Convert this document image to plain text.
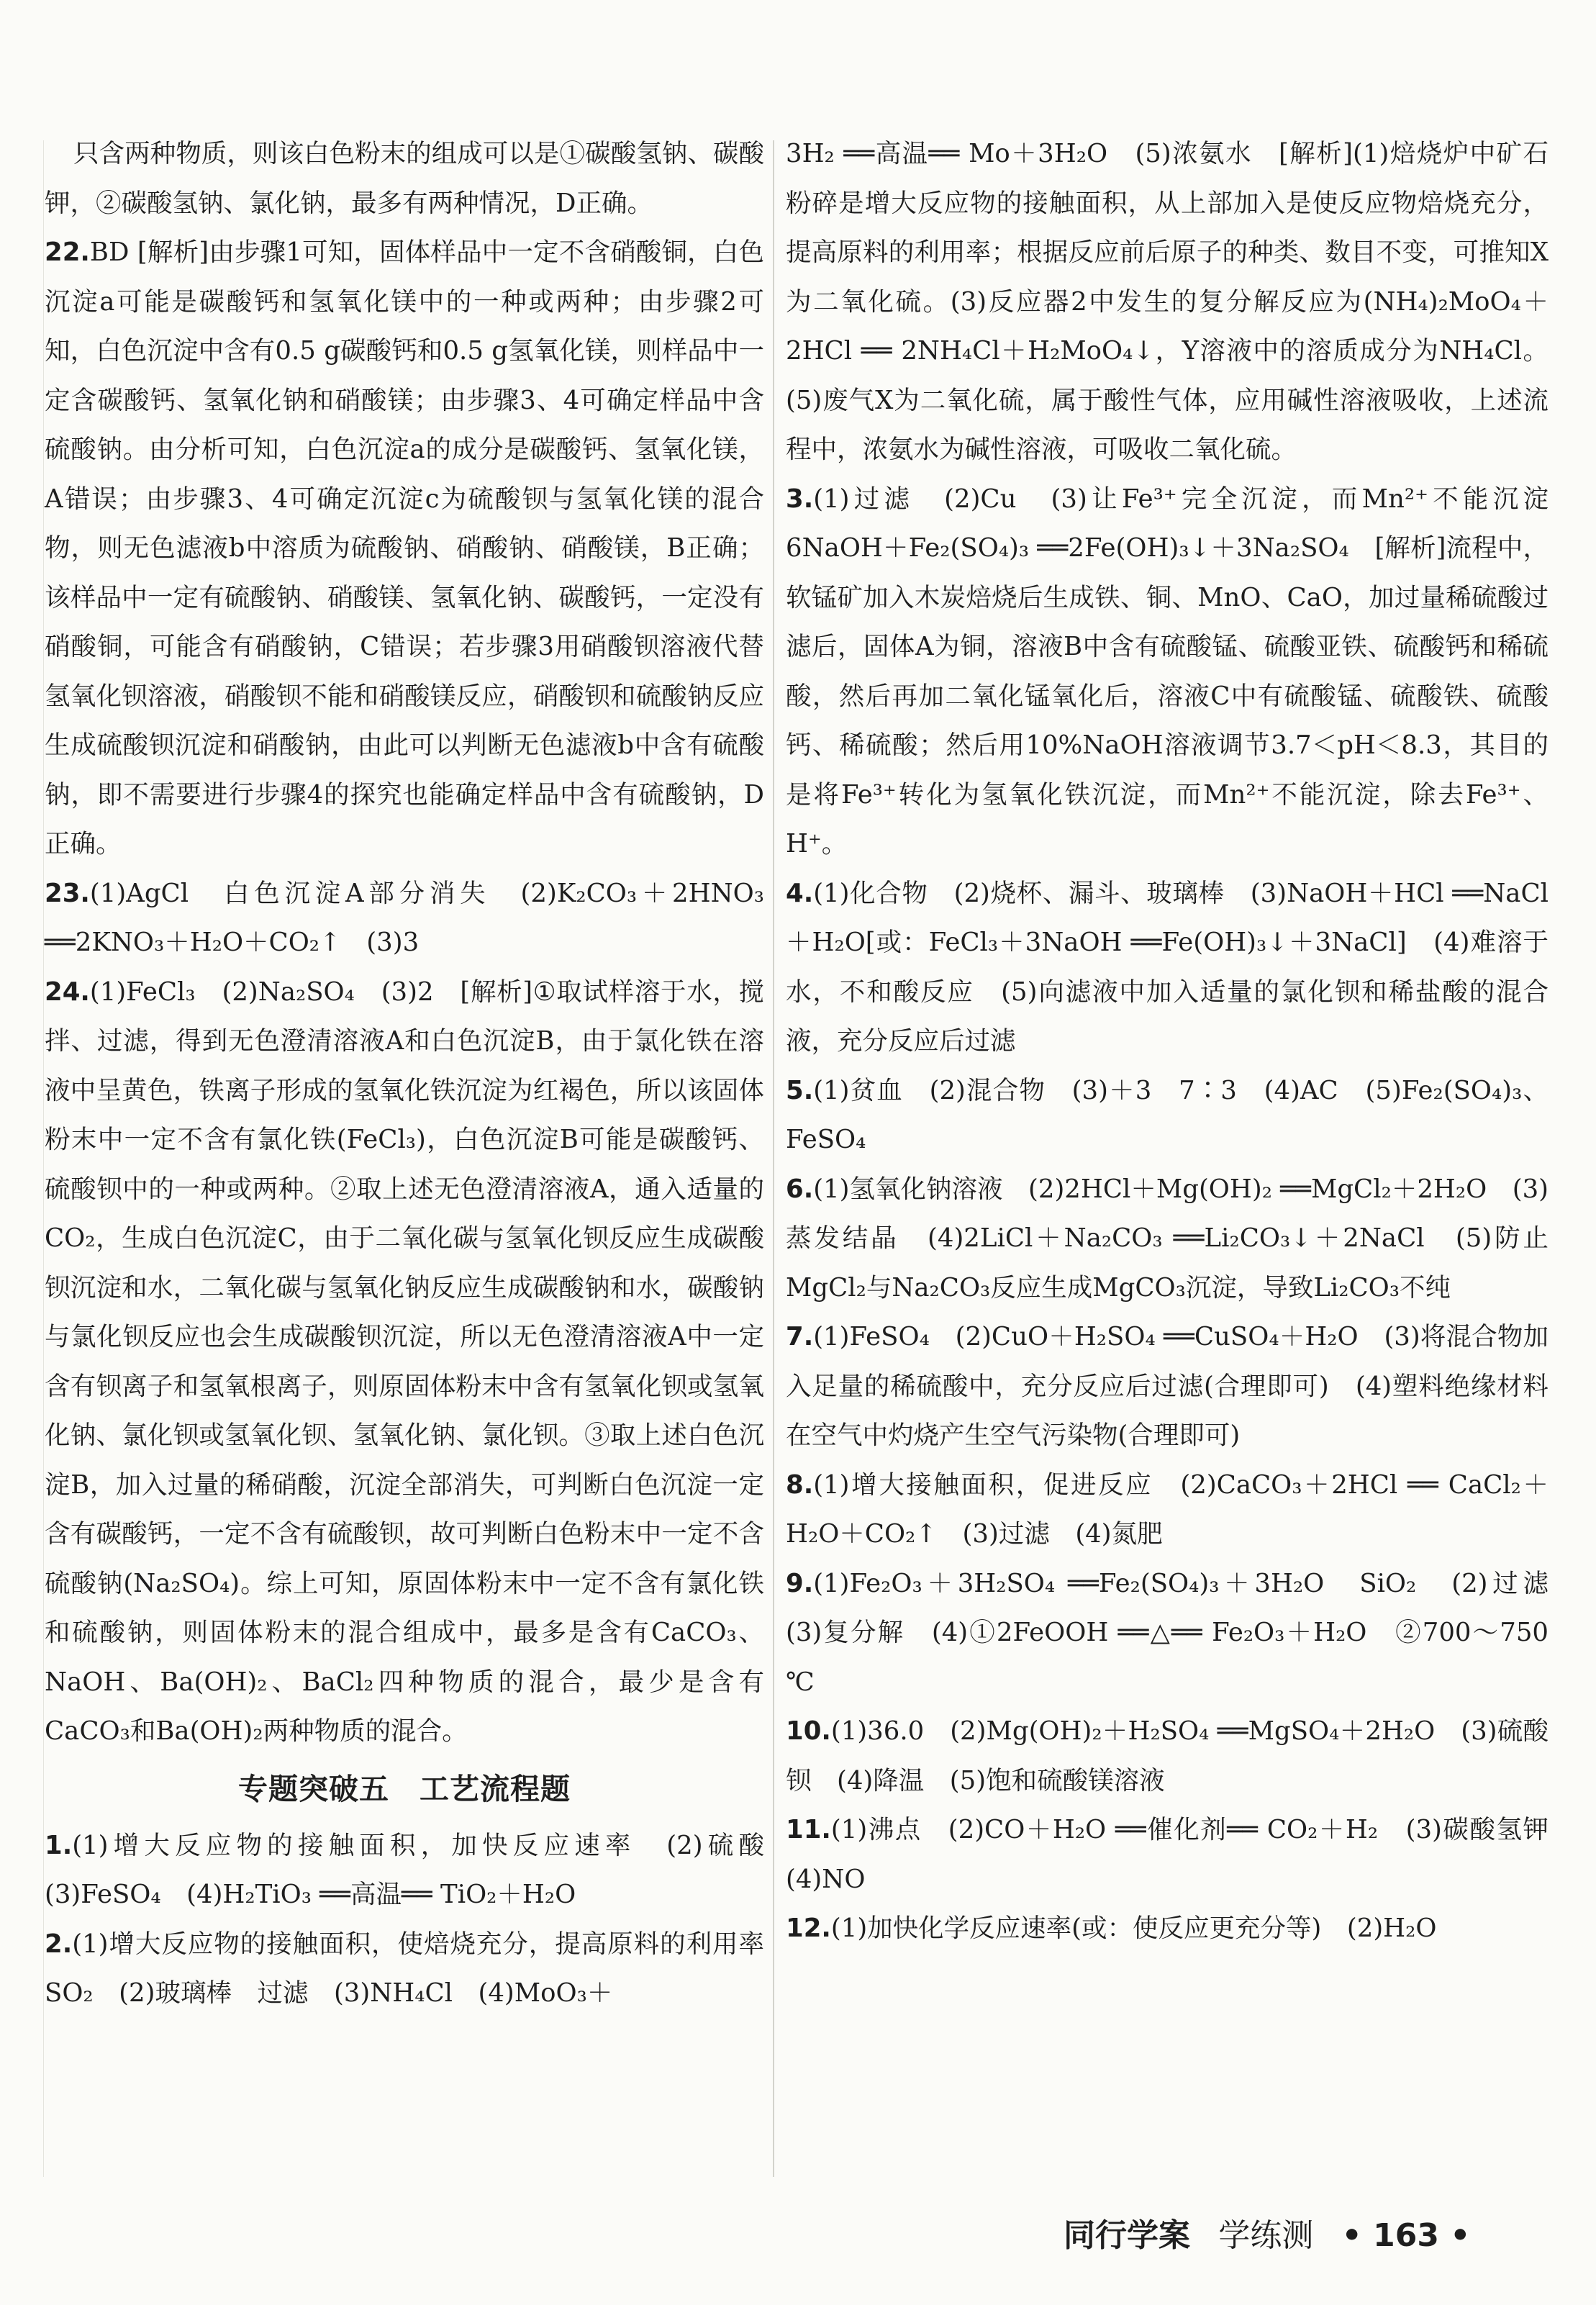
只含两种物质，则该白色粉末的组成可以是①碳酸氢钠、碳酸钾，②碳酸氢钠、氯化钠，最多有两种情况，D正确。

22.BD [解析]由步骤1可知，固体样品中一定不含硝酸铜，白色沉淀a可能是碳酸钙和氢氧化镁中的一种或两种；由步骤2可知，白色沉淀中含有0.5 g碳酸钙和0.5 g氢氧化镁，则样品中一定含碳酸钙、氢氧化钠和硝酸镁；由步骤3、4可确定样品中含硫酸钠。由分析可知，白色沉淀a的成分是碳酸钙、氢氧化镁，A错误；由步骤3、4可确定沉淀c为硫酸钡与氢氧化镁的混合物，则无色滤液b中溶质为硫酸钠、硝酸钠、硝酸镁，B正确；该样品中一定有硫酸钠、硝酸镁、氢氧化钠、碳酸钙，一定没有硝酸铜，可能含有硝酸钠，C错误；若步骤3用硝酸钡溶液代替氢氧化钡溶液，硝酸钡不能和硝酸镁反应，硝酸钡和硫酸钠反应生成硫酸钡沉淀和硝酸钠，由此可以判断无色滤液b中含有硫酸钠，即不需要进行步骤4的探究也能确定样品中含有硫酸钠，D正确。

23.(1)AgCl　白色沉淀A部分消失　(2)K₂CO₃＋2HNO₃ ══2KNO₃＋H₂O＋CO₂↑　(3)3

24.(1)FeCl₃　(2)Na₂SO₄　(3)2　[解析]①取试样溶于水，搅拌、过滤，得到无色澄清溶液A和白色沉淀B，由于氯化铁在溶液中呈黄色，铁离子形成的氢氧化铁沉淀为红褐色，所以该固体粉末中一定不含有氯化铁(FeCl₃)，白色沉淀B可能是碳酸钙、硫酸钡中的一种或两种。②取上述无色澄清溶液A，通入适量的CO₂，生成白色沉淀C，由于二氧化碳与氢氧化钡反应生成碳酸钡沉淀和水，二氧化碳与氢氧化钠反应生成碳酸钠和水，碳酸钠与氯化钡反应也会生成碳酸钡沉淀，所以无色澄清溶液A中一定含有钡离子和氢氧根离子，则原固体粉末中含有氢氧化钡或氢氧化钠、氯化钡或氢氧化钡、氢氧化钠、氯化钡。③取上述白色沉淀B，加入过量的稀硝酸，沉淀全部消失，可判断白色沉淀一定含有碳酸钙，一定不含有硫酸钡，故可判断白色粉末中一定不含硫酸钠(Na₂SO₄)。综上可知，原固体粉末中一定不含有氯化铁和硫酸钠，则固体粉末的混合组成中，最多是含有CaCO₃、NaOH、Ba(OH)₂、BaCl₂四种物质的混合，最少是含有CaCO₃和Ba(OH)₂两种物质的混合。

专题突破五　工艺流程题

1.(1)增大反应物的接触面积，加快反应速率　(2)硫酸　(3)FeSO₄　(4)H₂TiO₃ ══高温══ TiO₂＋H₂O

2.(1)增大反应物的接触面积，使焙烧充分，提高原料的利用率　SO₂　(2)玻璃棒　过滤　(3)NH₄Cl　(4)MoO₃＋

3H₂ ══高温══ Mo＋3H₂O　(5)浓氨水　[解析](1)焙烧炉中矿石粉碎是增大反应物的接触面积，从上部加入是使反应物焙烧充分，提高原料的利用率；根据反应前后原子的种类、数目不变，可推知X为二氧化硫。(3)反应器2中发生的复分解反应为(NH₄)₂MoO₄＋2HCl ══ 2NH₄Cl＋H₂MoO₄↓，Y溶液中的溶质成分为NH₄Cl。(5)废气X为二氧化硫，属于酸性气体，应用碱性溶液吸收，上述流程中，浓氨水为碱性溶液，可吸收二氧化硫。

3.(1)过滤　(2)Cu　(3)让Fe³⁺完全沉淀，而Mn²⁺不能沉淀　6NaOH＋Fe₂(SO₄)₃ ══2Fe(OH)₃↓＋3Na₂SO₄　[解析]流程中，软锰矿加入木炭焙烧后生成铁、铜、MnO、CaO，加过量稀硫酸过滤后，固体A为铜，溶液B中含有硫酸锰、硫酸亚铁、硫酸钙和稀硫酸，然后再加二氧化锰氧化后，溶液C中有硫酸锰、硫酸铁、硫酸钙、稀硫酸；然后用10%NaOH溶液调节3.7＜pH＜8.3，其目的是将Fe³⁺转化为氢氧化铁沉淀，而Mn²⁺不能沉淀，除去Fe³⁺、H⁺。

4.(1)化合物　(2)烧杯、漏斗、玻璃棒　(3)NaOH＋HCl ══NaCl＋H₂O[或：FeCl₃＋3NaOH ══Fe(OH)₃↓＋3NaCl]　(4)难溶于水，不和酸反应　(5)向滤液中加入适量的氯化钡和稀盐酸的混合液，充分反应后过滤

5.(1)贫血　(2)混合物　(3)＋3　7∶3　(4)AC　(5)Fe₂(SO₄)₃、FeSO₄

6.(1)氢氧化钠溶液　(2)2HCl＋Mg(OH)₂ ══MgCl₂＋2H₂O　(3)蒸发结晶　(4)2LiCl＋Na₂CO₃ ══Li₂CO₃↓＋2NaCl　(5)防止MgCl₂与Na₂CO₃反应生成MgCO₃沉淀，导致Li₂CO₃不纯

7.(1)FeSO₄　(2)CuO＋H₂SO₄ ══CuSO₄＋H₂O　(3)将混合物加入足量的稀硫酸中，充分反应后过滤(合理即可)　(4)塑料绝缘材料在空气中灼烧产生空气污染物(合理即可)

8.(1)增大接触面积，促进反应　(2)CaCO₃＋2HCl ══ CaCl₂＋H₂O＋CO₂↑　(3)过滤　(4)氮肥

9.(1)Fe₂O₃＋3H₂SO₄ ══Fe₂(SO₄)₃＋3H₂O　SiO₂　(2)过滤　(3)复分解　(4)①2FeOOH ══△══ Fe₂O₃＋H₂O　②700～750 ℃

10.(1)36.0　(2)Mg(OH)₂＋H₂SO₄ ══MgSO₄＋2H₂O　(3)硫酸钡　(4)降温　(5)饱和硫酸镁溶液

11.(1)沸点　(2)CO＋H₂O ══催化剂══ CO₂＋H₂　(3)碳酸氢钾　(4)NO

12.(1)加快化学反应速率(或：使反应更充分等)　(2)H₂O

同行学案 学练测 • 163 •
